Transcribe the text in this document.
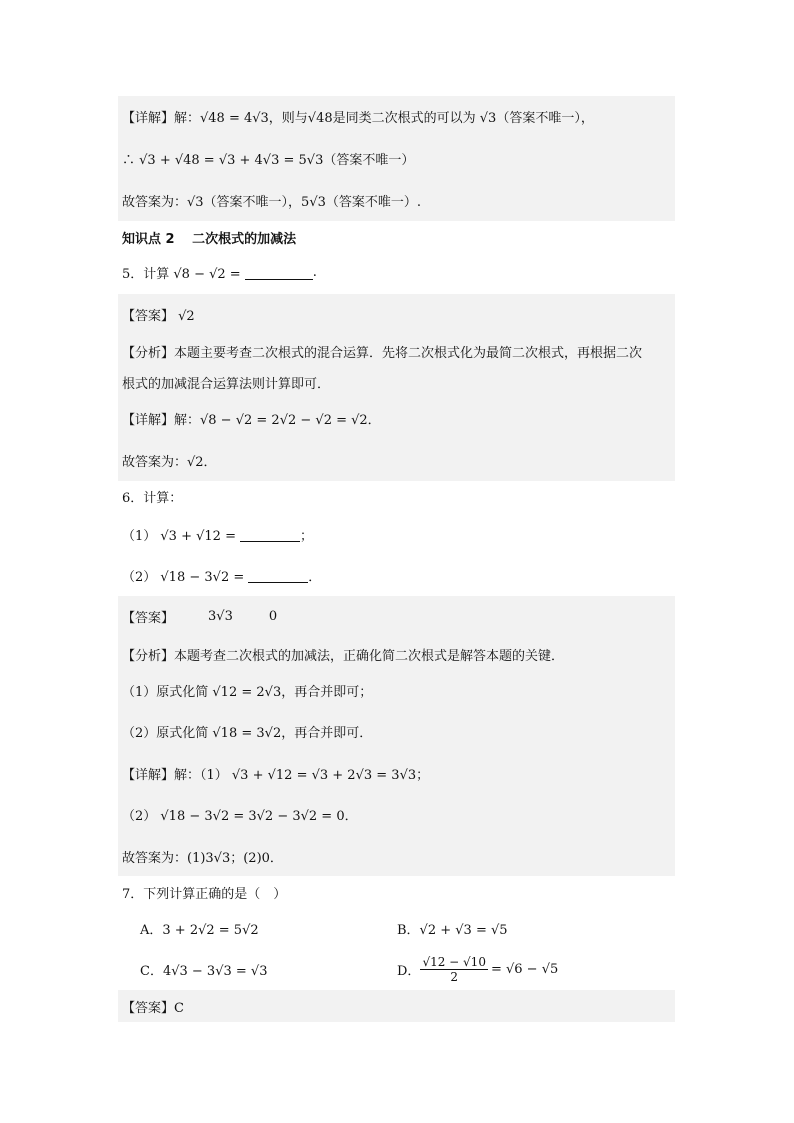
【详解】解：√48 = 4√3，则与√48是同类二次根式的可以为 √3（答案不唯一），
∴ √3 + √48 = √3 + 4√3 = 5√3（答案不唯一）
故答案为：√3（答案不唯一），5√3（答案不唯一）.
知识点 2　 二次根式的加减法
5．计算 √8 − √2 =	.
【答案】 √2
【分析】本题主要考查二次根式的混合运算．先将二次根式化为最简二次根式，再根据二次
根式的加减混合运算法则计算即可．
【详解】解：√8 − √2 = 2√2 − √2 = √2．
故答案为：√2．
6．计算：
（1） √3 + √12 =	；
（2） √18 − 3√2 =	．
【答案】	3√3	0
【分析】本题考查二次根式的加减法，正确化简二次根式是解答本题的关键．
（1）原式化简 √12 = 2√3，再合并即可；
（2）原式化简 √18 = 3√2，再合并即可．
【详解】解：（1） √3 + √12 = √3 + 2√3 = 3√3；
（2） √18 − 3√2 = 3√2 − 3√2 = 0．
故答案为：(1)3√3；(2)0．
7．下列计算正确的是（　）
A．3 + 2√2 = 5√2	B．√2 + √3 = √5
C．4√3 − 3√3 = √3	D． $\frac{√12 - √10}{2} = √6 - √5$
【答案】C
